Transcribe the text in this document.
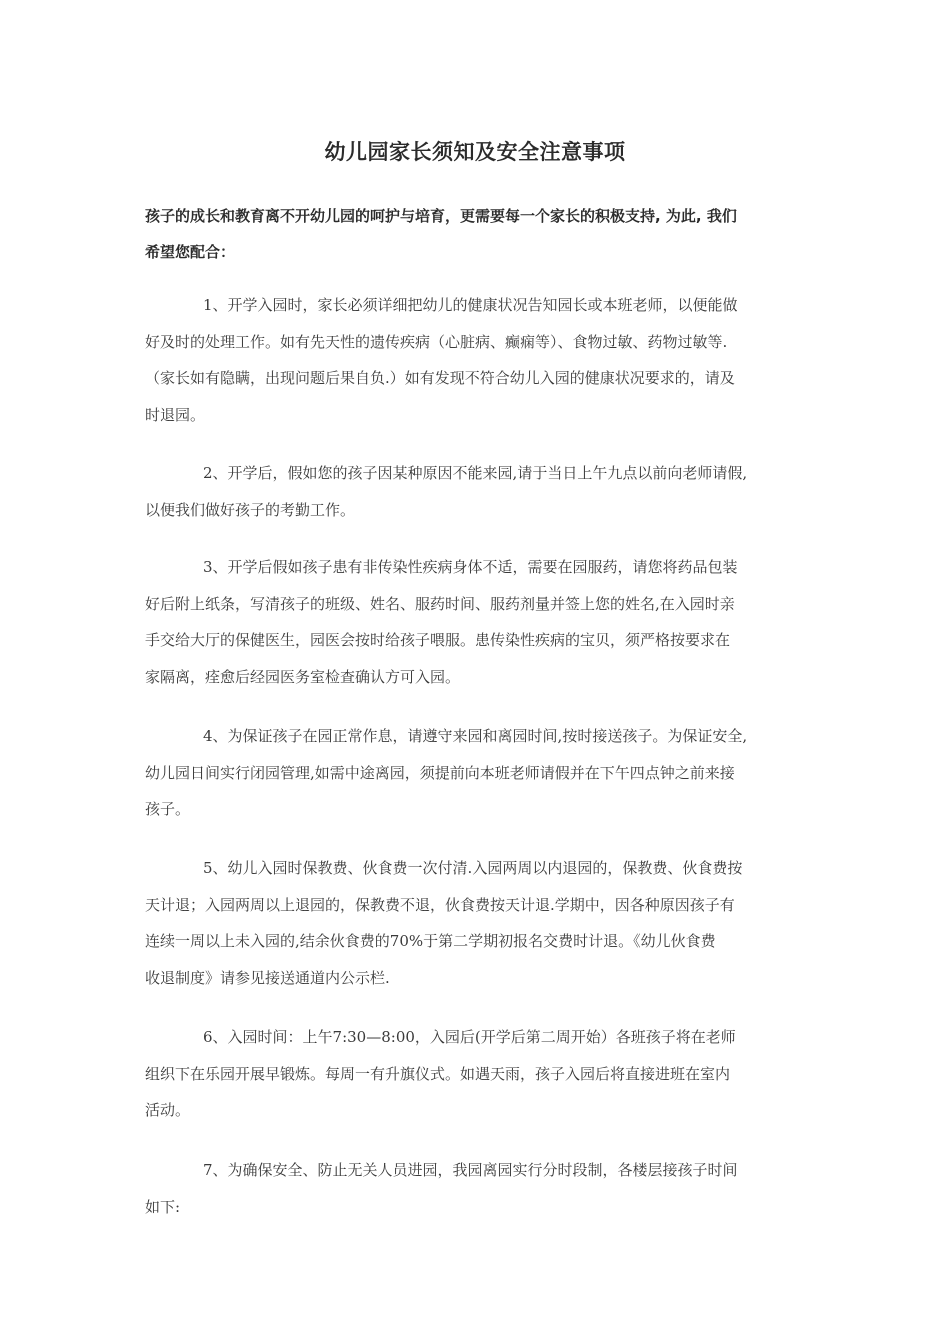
幼儿园家长须知及安全注意事项
孩子的成长和教育离不开幼儿园的呵护与培育，更需要每一个家长的积极支持, 为此, 我们
希望您配合：
1、开学入园时，家长必须详细把幼儿的健康状况告知园长或本班老师，以便能做
好及时的处理工作。如有先天性的遗传疾病（心脏病、癫痫等）、食物过敏、药物过敏等.
（家长如有隐瞒，出现问题后果自负.）如有发现不符合幼儿入园的健康状况要求的，请及
时退园。
2、开学后，假如您的孩子因某种原因不能来园,请于当日上午九点以前向老师请假,
以便我们做好孩子的考勤工作。
3、开学后假如孩子患有非传染性疾病身体不适，需要在园服药，请您将药品包装
好后附上纸条，写清孩子的班级、姓名、服药时间、服药剂量并签上您的姓名,在入园时亲
手交给大厅的保健医生，园医会按时给孩子喂服。患传染性疾病的宝贝，须严格按要求在
家隔离，痊愈后经园医务室检查确认方可入园。
4、为保证孩子在园正常作息，请遵守来园和离园时间,按时接送孩子。为保证安全,
幼儿园日间实行闭园管理,如需中途离园，须提前向本班老师请假并在下午四点钟之前来接
孩子。
5、幼儿入园时保教费、伙食费一次付清.入园两周以内退园的，保教费、伙食费按
天计退；入园两周以上退园的，保教费不退，伙食费按天计退.学期中，因各种原因孩子有
连续一周以上未入园的,结余伙食费的70%于第二学期初报名交费时计退。《幼儿伙食费
收退制度》请参见接送通道内公示栏.
6、入园时间：上午7:30—8:00，入园后(开学后第二周开始）各班孩子将在老师
组织下在乐园开展早锻炼。每周一有升旗仪式。如遇天雨，孩子入园后将直接进班在室内
活动。
7、为确保安全、防止无关人员进园，我园离园实行分时段制，各楼层接孩子时间
如下:
